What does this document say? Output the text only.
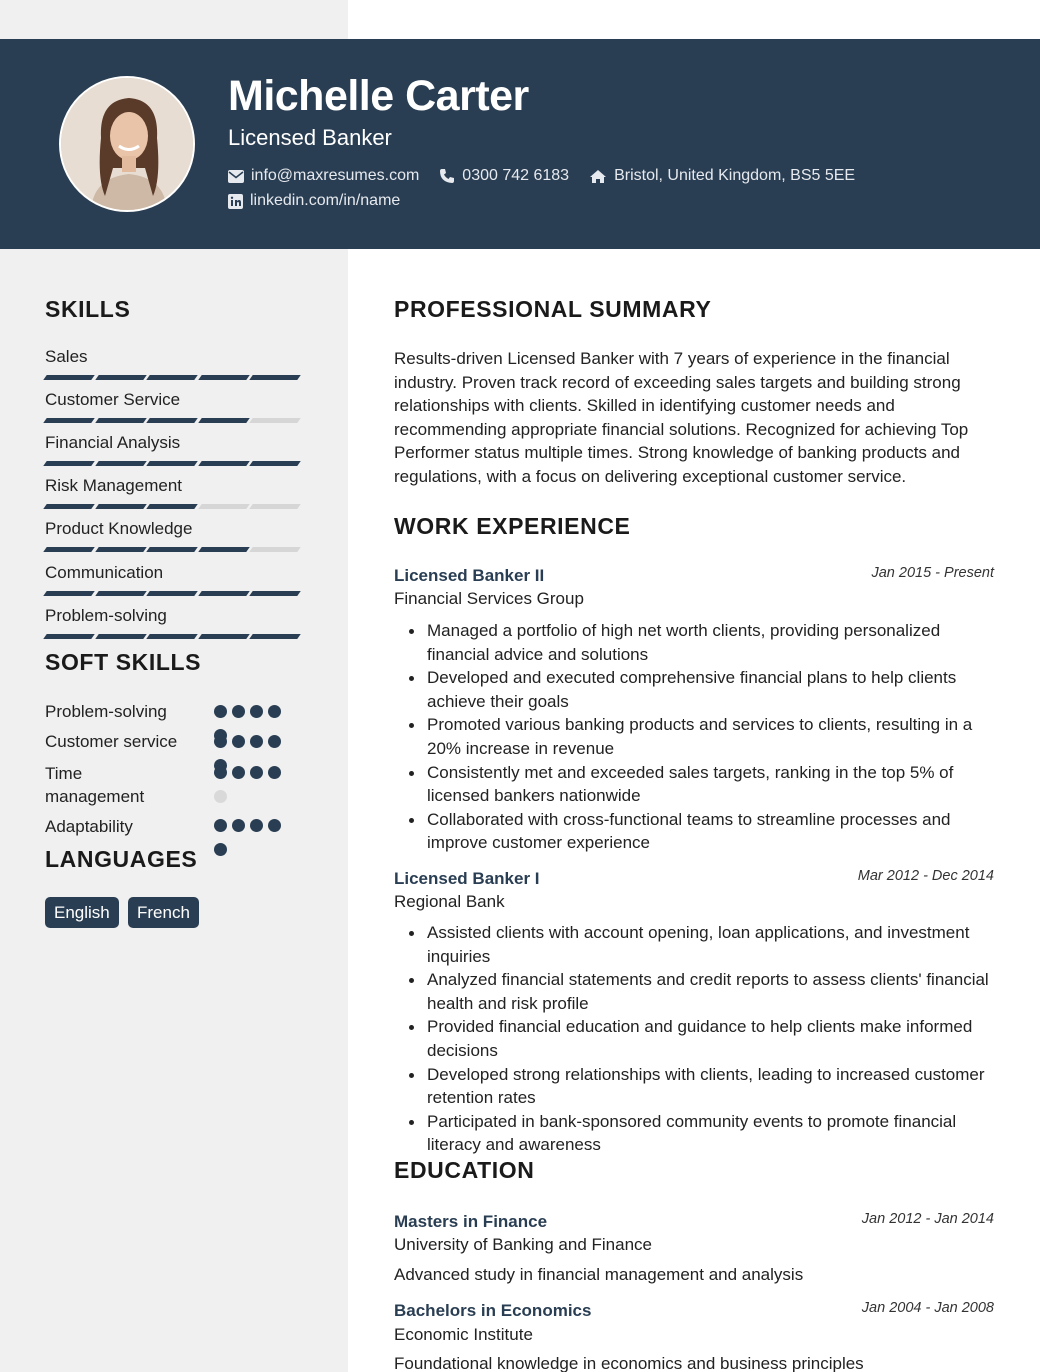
Michelle Carter
Licensed Banker
info@maxresumes.com	0300 742 6183	Bristol, United Kingdom, BS5 5EE
linkedin.com/in/name
SKILLS
Sales
Customer Service
Financial Analysis
Risk Management
Product Knowledge
Communication
Problem-solving
SOFT SKILLS
Problem-solving
Customer service
Time management
Adaptability
LANGUAGES
English	French
PROFESSIONAL SUMMARY
Results-driven Licensed Banker with 7 years of experience in the financial industry. Proven track record of exceeding sales targets and building strong relationships with clients. Skilled in identifying customer needs and recommending appropriate financial solutions. Recognized for achieving Top Performer status multiple times. Strong knowledge of banking products and regulations, with a focus on delivering exceptional customer service.
WORK EXPERIENCE
Licensed Banker II	Jan 2015 - Present
Financial Services Group
Managed a portfolio of high net worth clients, providing personalized financial advice and solutions
Developed and executed comprehensive financial plans to help clients achieve their goals
Promoted various banking products and services to clients, resulting in a 20% increase in revenue
Consistently met and exceeded sales targets, ranking in the top 5% of licensed bankers nationwide
Collaborated with cross-functional teams to streamline processes and improve customer experience
Licensed Banker I	Mar 2012 - Dec 2014
Regional Bank
Assisted clients with account opening, loan applications, and investment inquiries
Analyzed financial statements and credit reports to assess clients' financial health and risk profile
Provided financial education and guidance to help clients make informed decisions
Developed strong relationships with clients, leading to increased customer retention rates
Participated in bank-sponsored community events to promote financial literacy and awareness
EDUCATION
Masters in Finance	Jan 2012 - Jan 2014
University of Banking and Finance
Advanced study in financial management and analysis
Bachelors in Economics	Jan 2004 - Jan 2008
Economic Institute
Foundational knowledge in economics and business principles
